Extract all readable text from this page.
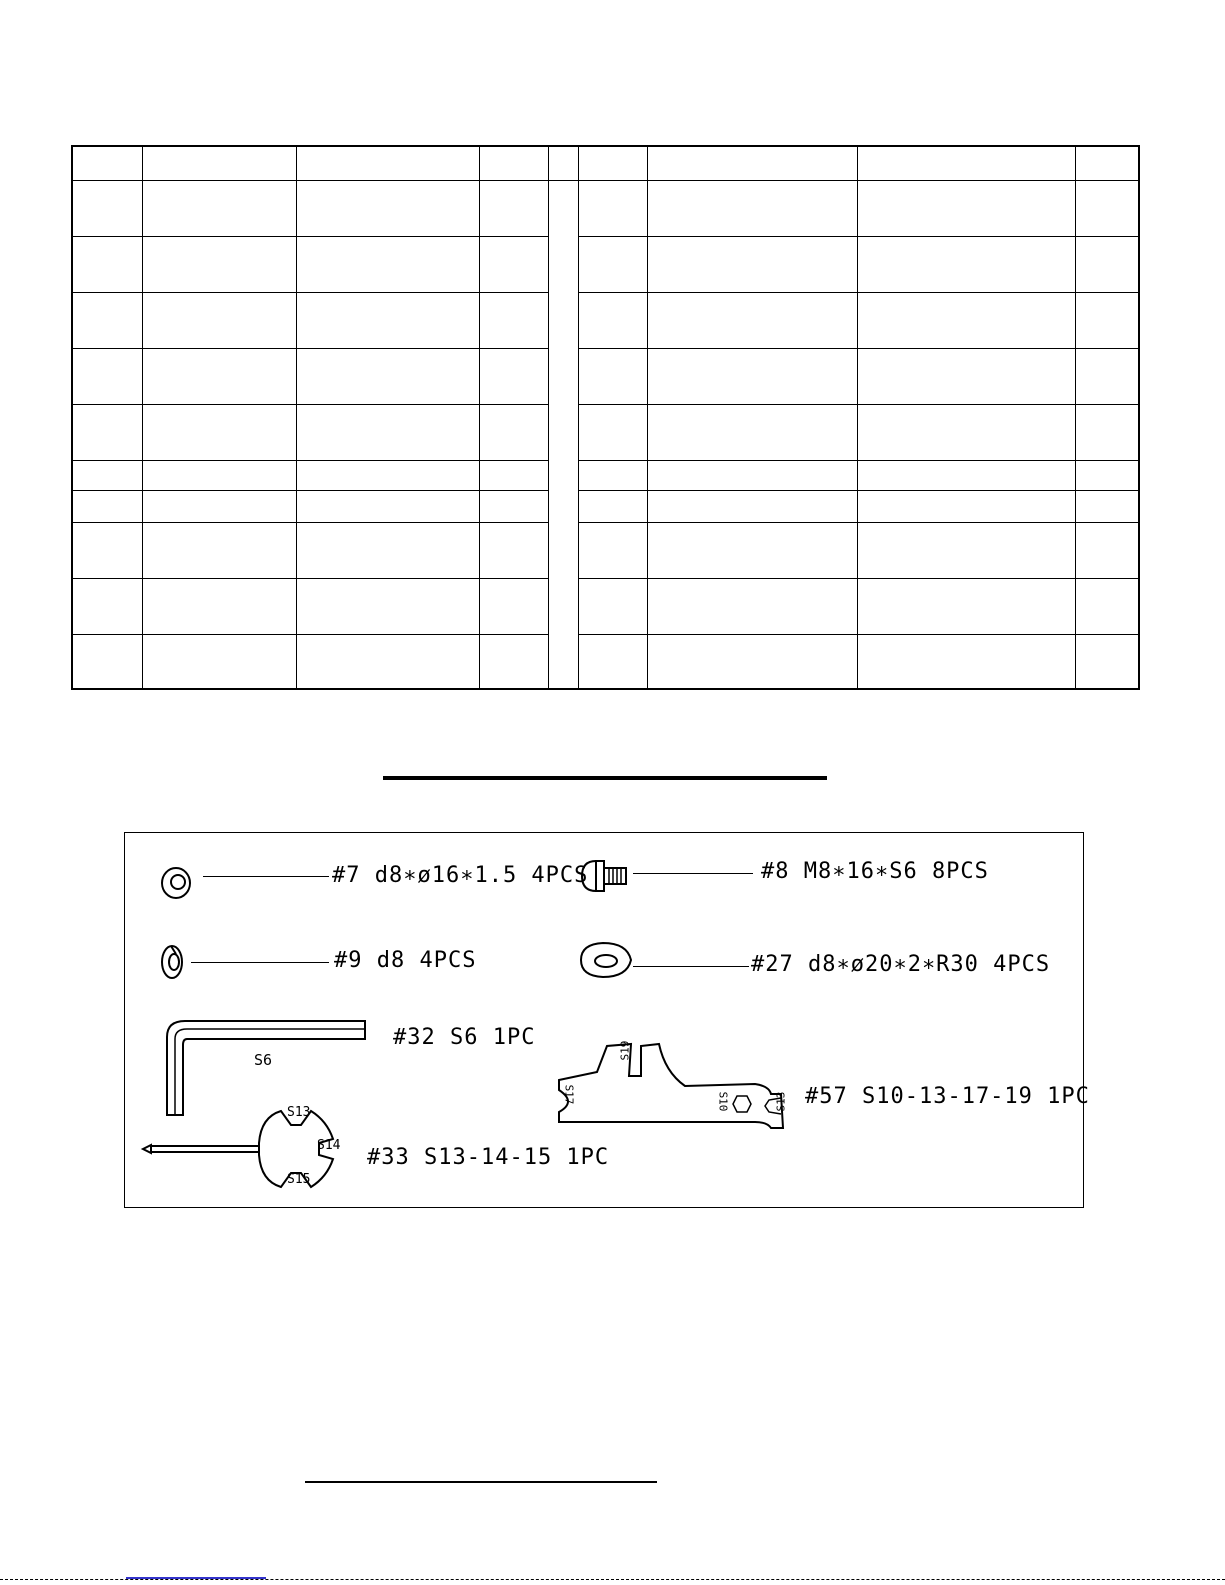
#7 d8∗ø16∗1.5 4PCS	#8 M8∗16∗S6 8PCS
#9 d8 4PCS	#27 d8∗ø20∗2∗R30 4PCS
S6
#32 S6 1PC
S19
S17	S10	S13 #57 S10-13-17-19 1PC
S13
S14
S15
#33 S13-14-15 1PC
